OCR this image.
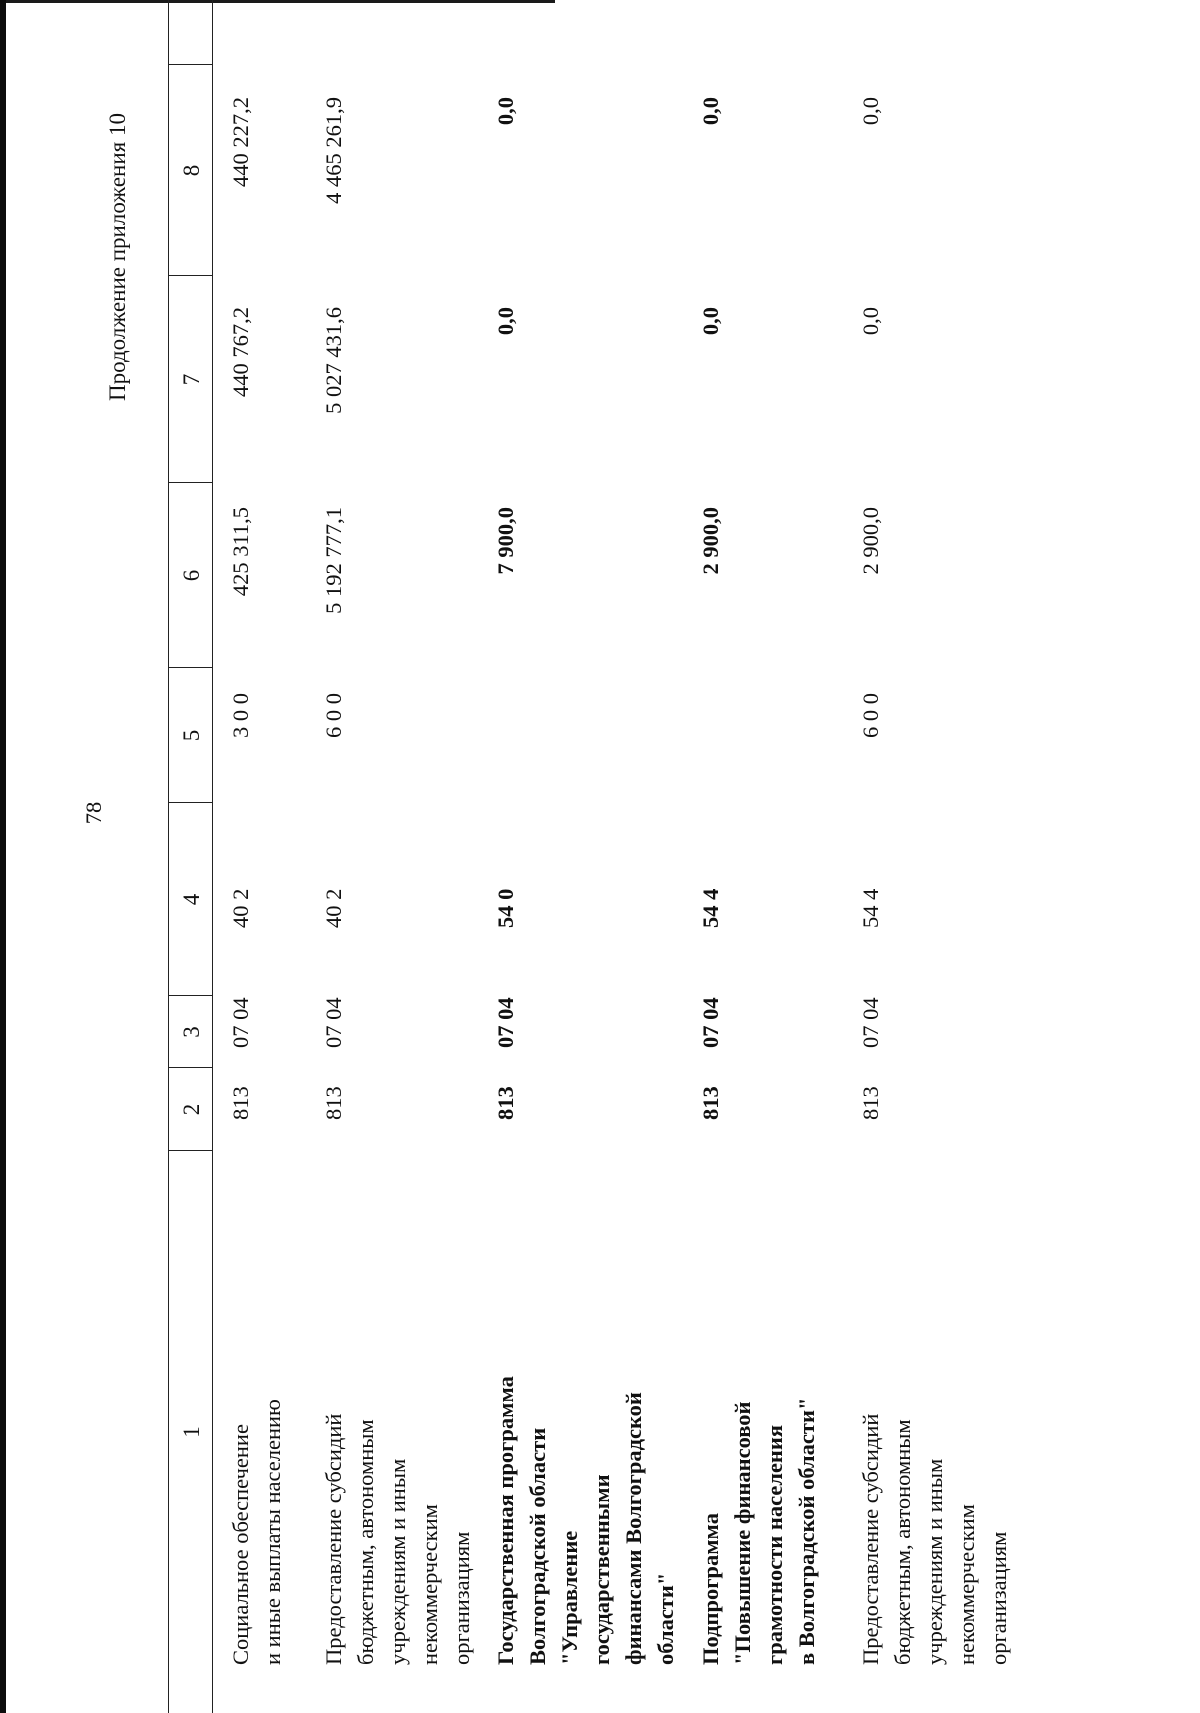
78
Продолжение приложения 10
1
2
3
4
5
6
7
8
Социальное обеспечение и иные выплаты населению
813
07 04
40 2
3 0 0
425 311,5
440 767,2
440 227,2
Предоставление субсидий бюджетным, автономным учреждениям и иным некоммерческим организациям
813
07 04
40 2
6 0 0
5 192 777,1
5 027 431,6
4 465 261,9
Государственная программа Волгоградской области "Управление государственными финансами Волгоградской области"
813
07 04
54 0
7 900,0
0,0
0,0
Подпрограмма "Повышение финансовой грамотности населения в Волгоградской области"
813
07 04
54 4
2 900,0
0,0
0,0
Предоставление субсидий бюджетным, автономным учреждениям и иным некоммерческим организациям
813
07 04
54 4
6 0 0
2 900,0
0,0
0,0
